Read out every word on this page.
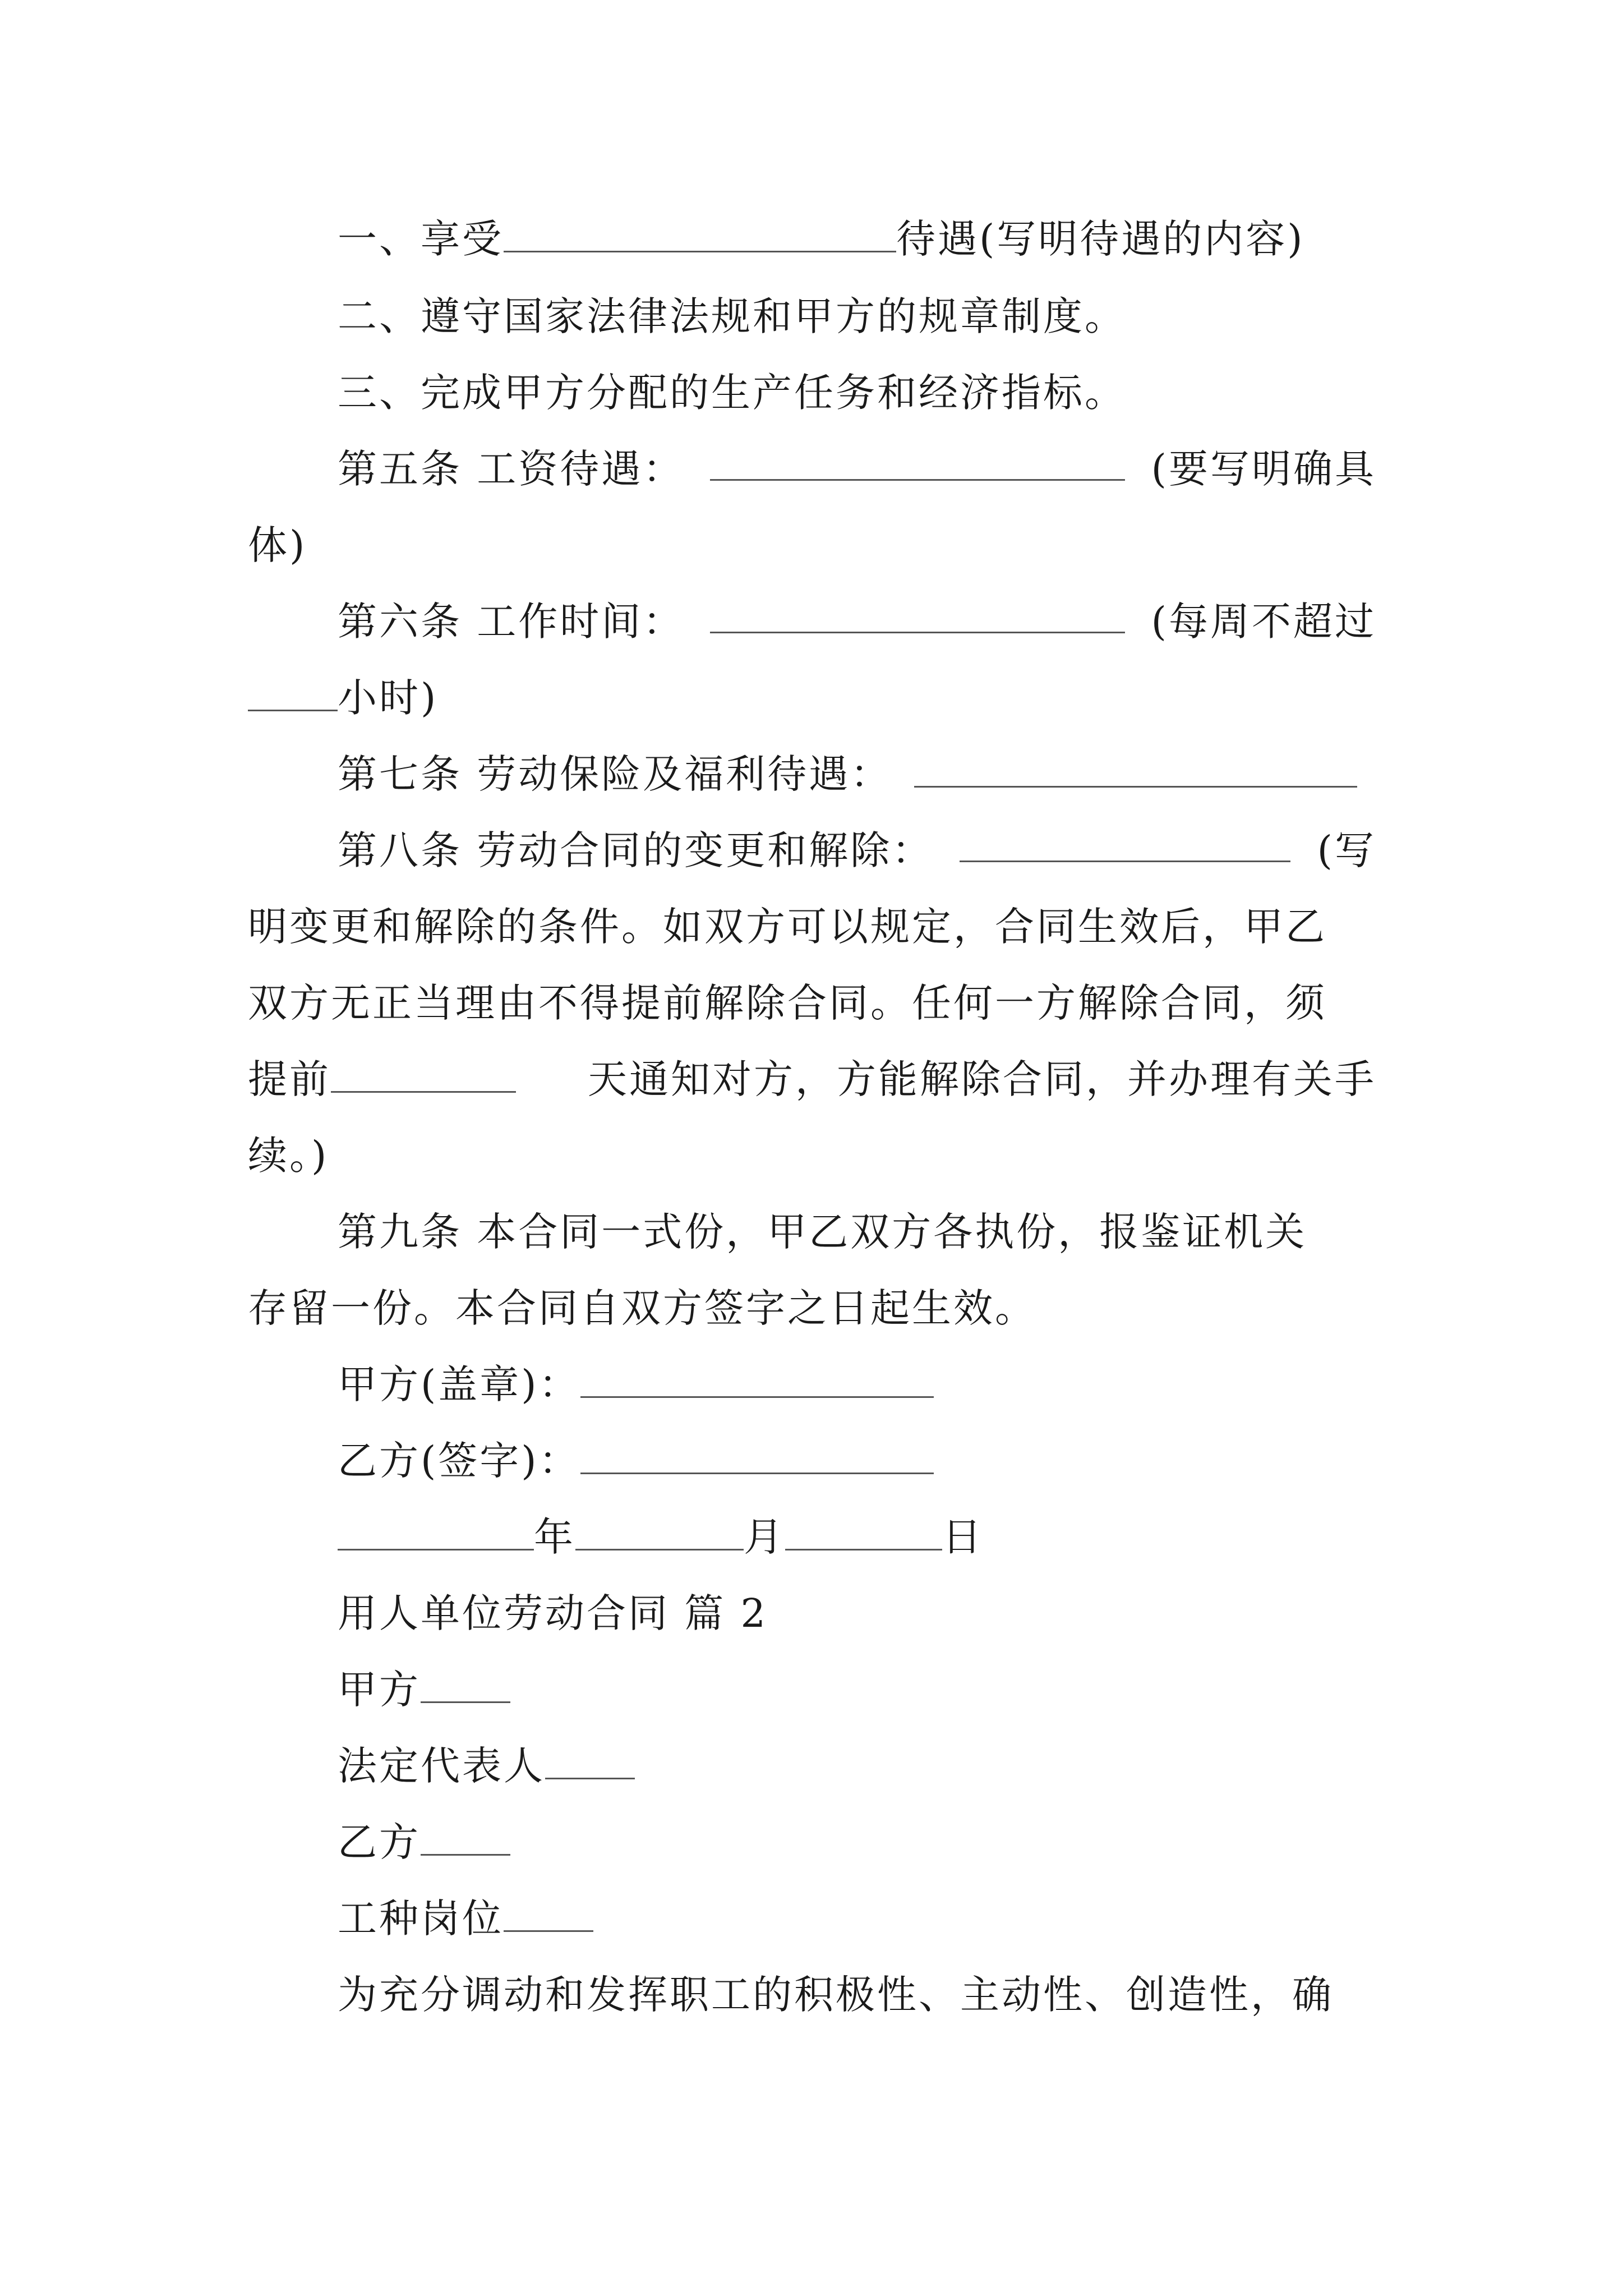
一、享受	待遇(写明待遇的内容)
二、遵守国家法律法规和甲方的规章制度。
三、完成甲方分配的生产任务和经济指标。
第五条 工资待遇：	(要写明确具
体)
第六条 工作时间：	(每周不超过
小时)
第七条 劳动保险及福利待遇：
第八条 劳动合同的变更和解除：	(写
明变更和解除的条件。如双方可以规定，合同生效后，甲乙
双方无正当理由不得提前解除合同。任何一方解除合同，须
提前	天通知对方，方能解除合同，并办理有关手
续。)
第九条 本合同一式份，甲乙双方各执份，报鉴证机关
存留一份。本合同自双方签字之日起生效。
甲方(盖章)：
乙方(签字)：
年	月	日
用人单位劳动合同 篇 2
甲方
法定代表人
乙方
工种岗位
为充分调动和发挥职工的积极性、主动性、创造性，确
